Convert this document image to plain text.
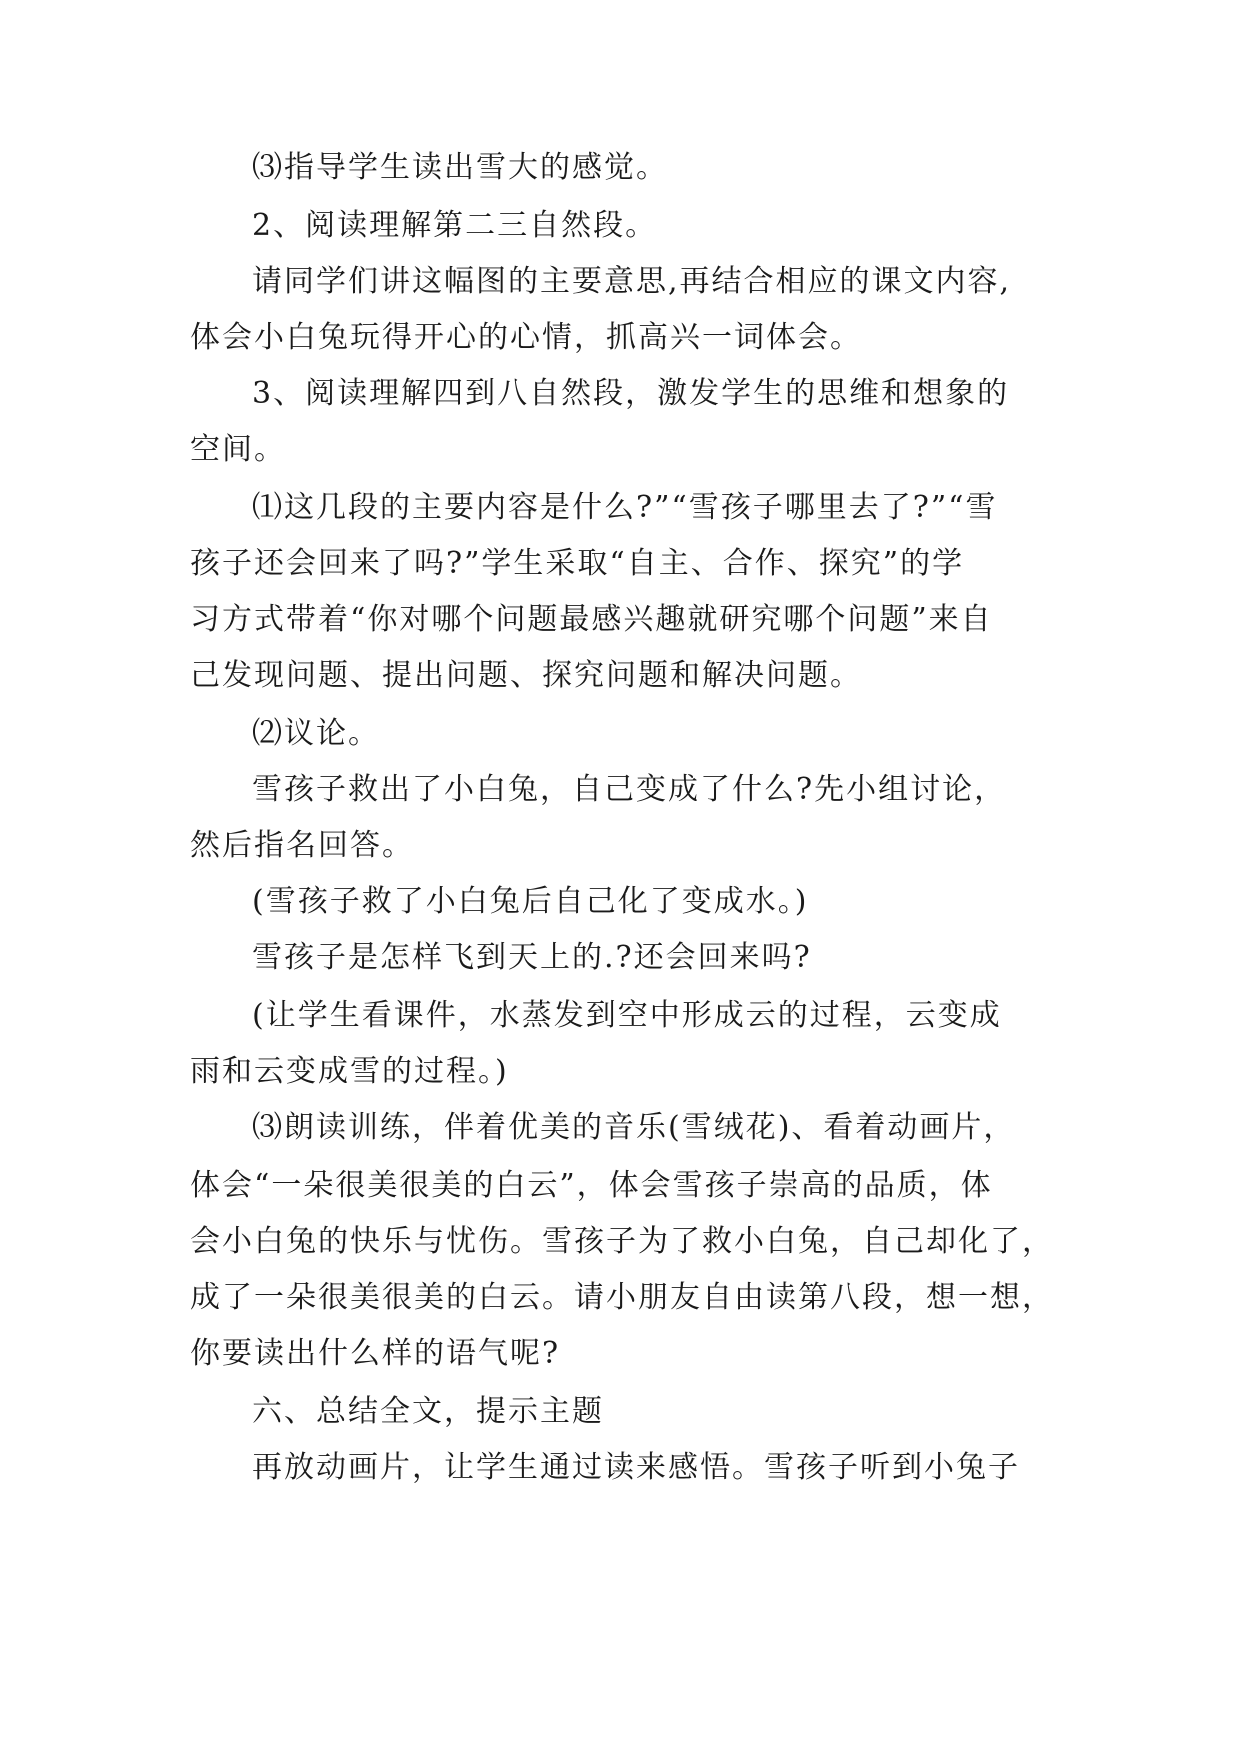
⑶指导学生读出雪大的感觉。

2、阅读理解第二三自然段。

请同学们讲这幅图的主要意思,再结合相应的课文内容,

体会小白兔玩得开心的心情，抓高兴一词体会。

3、阅读理解四到八自然段，激发学生的思维和想象的

空间。

⑴这几段的主要内容是什么?”“雪孩子哪里去了?”“雪

孩子还会回来了吗?”学生采取“自主、合作、探究”的学

习方式带着“你对哪个问题最感兴趣就研究哪个问题”来自

己发现问题、提出问题、探究问题和解决问题。

⑵议论。

雪孩子救出了小白兔，自己变成了什么?先小组讨论，

然后指名回答。

(雪孩子救了小白兔后自己化了变成水。)

雪孩子是怎样飞到天上的.?还会回来吗?

(让学生看课件，水蒸发到空中形成云的过程，云变成

雨和云变成雪的过程。)

⑶朗读训练，伴着优美的音乐(雪绒花)、看着动画片，

体会“一朵很美很美的白云”，体会雪孩子崇高的品质，体

会小白兔的快乐与忧伤。雪孩子为了救小白兔，自己却化了，

成了一朵很美很美的白云。请小朋友自由读第八段，想一想，

你要读出什么样的语气呢?

六、总结全文，提示主题

再放动画片，让学生通过读来感悟。雪孩子听到小兔子
